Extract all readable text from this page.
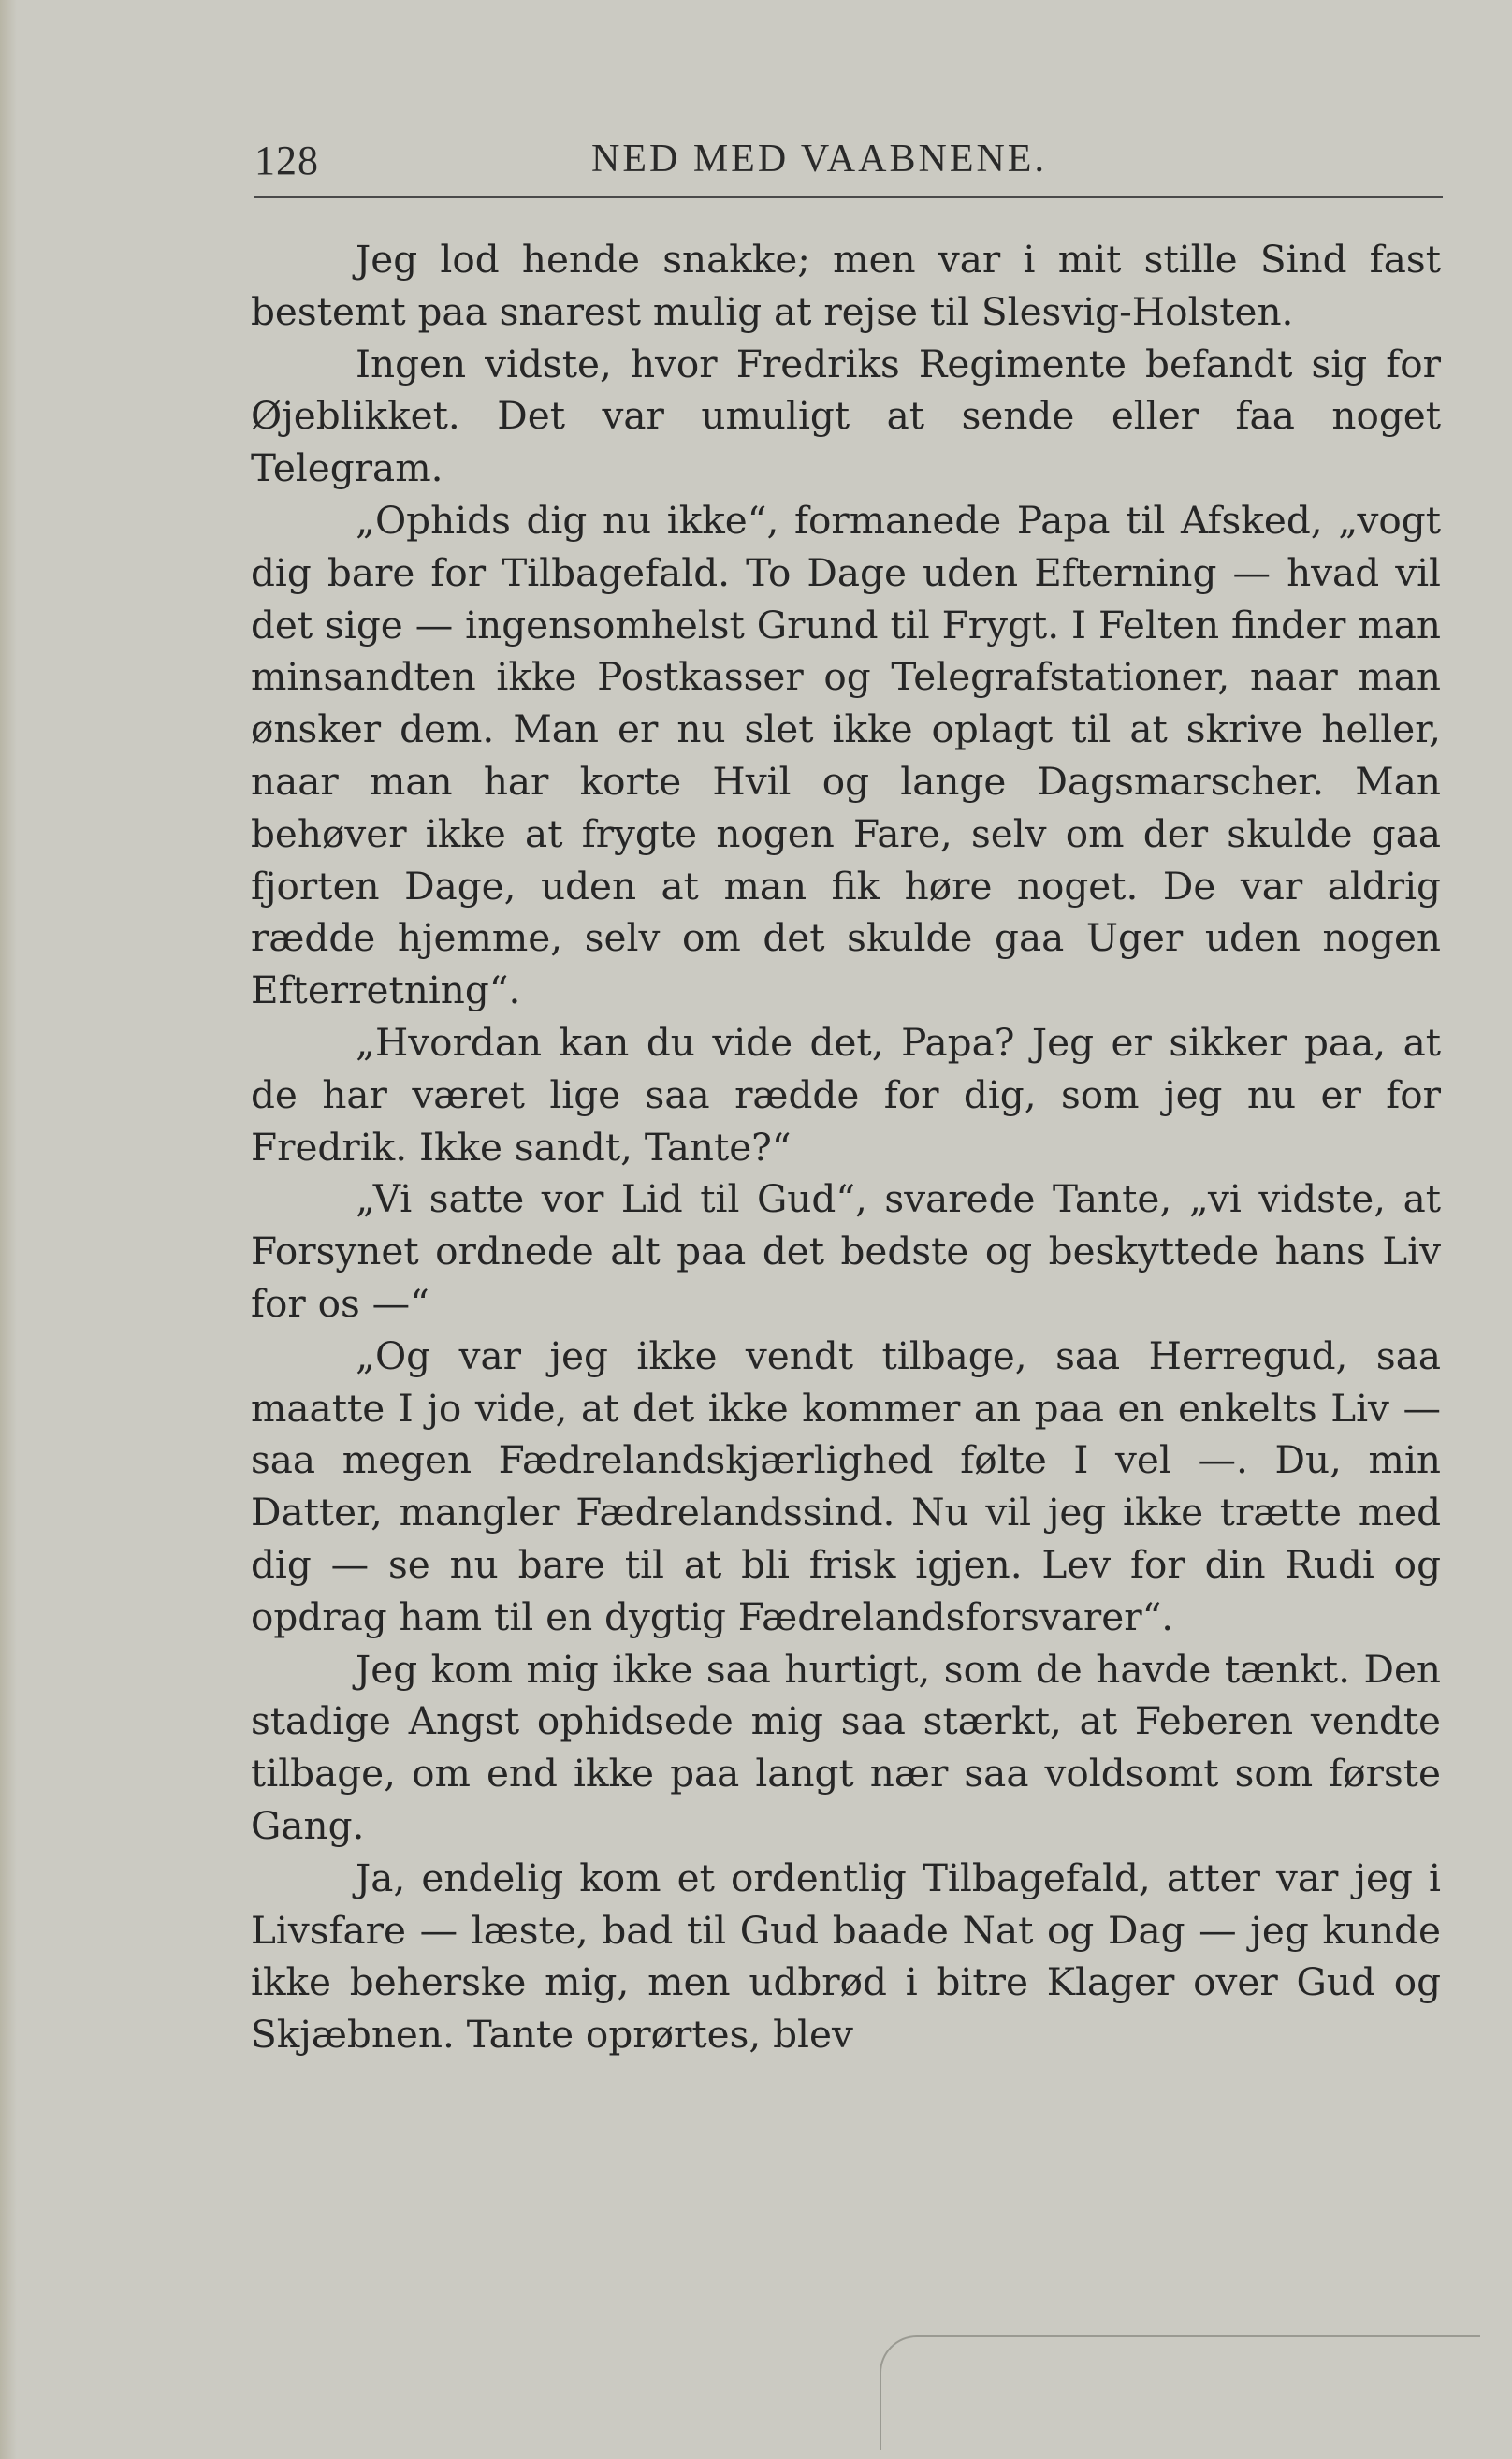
128	NED MED VAABNENE.

Jeg lod hende snakke; men var i mit stille Sind fast bestemt paa snarest mulig at rejse til Slesvig-Holsten.

Ingen vidste, hvor Fredriks Regimente befandt sig for Øjeblikket. Det var umuligt at sende eller faa noget Telegram.

„Ophids dig nu ikke“, formanede Papa til Afsked, „vogt dig bare for Tilbagefald. To Dage uden Efterning — hvad vil det sige — ingensomhelst Grund til Frygt. I Felten finder man minsandten ikke Postkasser og Telegrafstationer, naar man ønsker dem. Man er nu slet ikke oplagt til at skrive heller, naar man har korte Hvil og lange Dagsmarscher. Man behøver ikke at frygte nogen Fare, selv om der skulde gaa fjorten Dage, uden at man fik høre noget. De var aldrig rædde hjemme, selv om det skulde gaa Uger uden nogen Efterretning“.

„Hvordan kan du vide det, Papa? Jeg er sikker paa, at de har været lige saa rædde for dig, som jeg nu er for Fredrik. Ikke sandt, Tante?“

„Vi satte vor Lid til Gud“, svarede Tante, „vi vidste, at Forsynet ordnede alt paa det bedste og beskyttede hans Liv for os —“

„Og var jeg ikke vendt tilbage, saa Herregud, saa maatte I jo vide, at det ikke kommer an paa en enkelts Liv — saa megen Fædrelandskjærlighed følte I vel —. Du, min Datter, mangler Fædrelandssind. Nu vil jeg ikke trætte med dig — se nu bare til at bli frisk igjen. Lev for din Rudi og opdrag ham til en dygtig Fædrelandsforsvarer“.

Jeg kom mig ikke saa hurtigt, som de havde tænkt. Den stadige Angst ophidsede mig saa stærkt, at Feberen vendte tilbage, om end ikke paa langt nær saa voldsomt som første Gang.

Ja, endelig kom et ordentlig Tilbagefald, atter var jeg i Livsfare — læste, bad til Gud baade Nat og Dag — jeg kunde ikke beherske mig, men udbrød i bitre Klager over Gud og Skjæbnen. Tante oprørtes, blev
